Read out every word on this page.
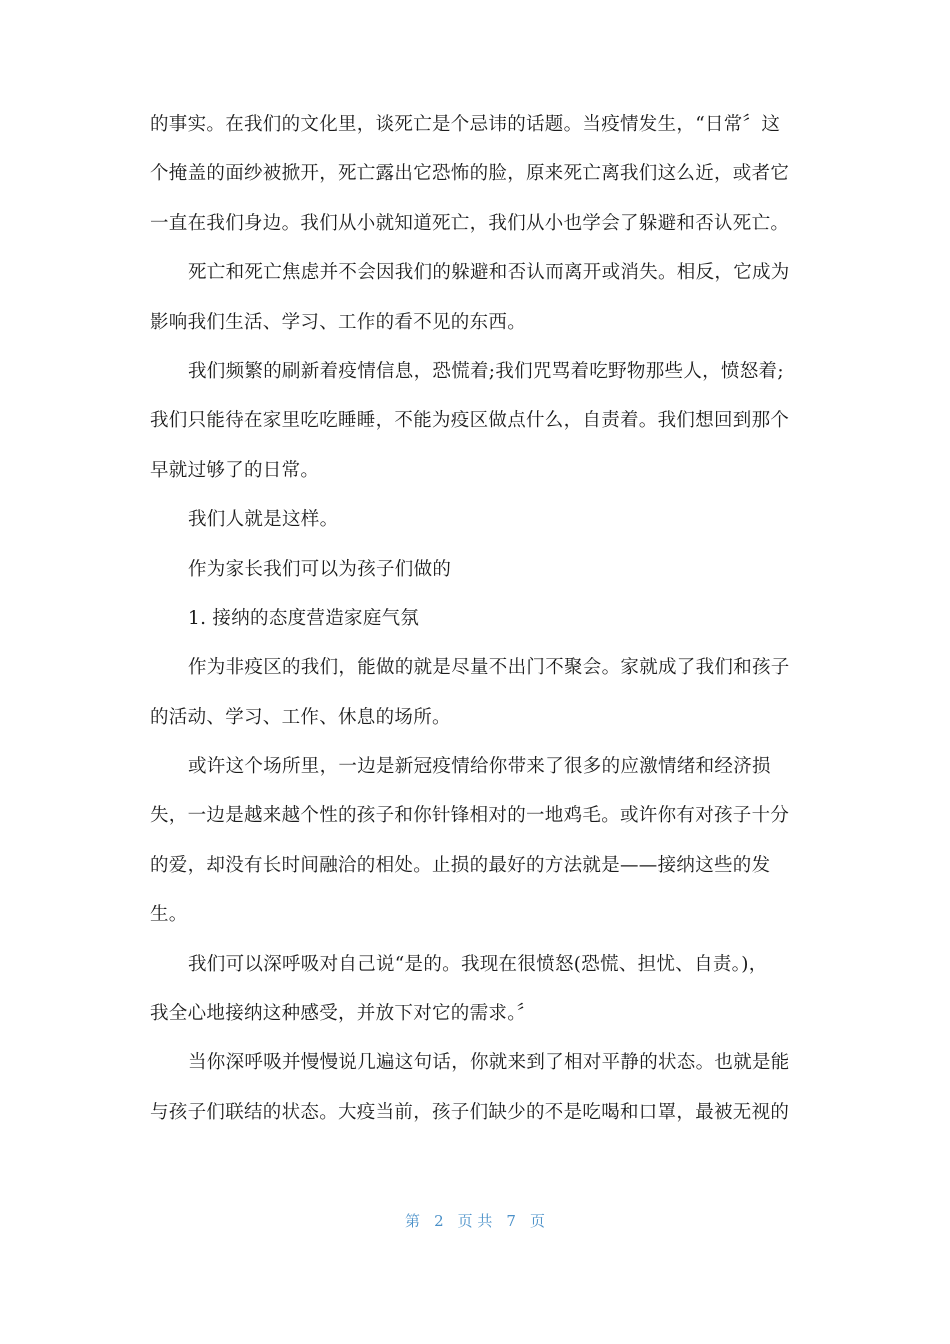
的事实。在我们的文化里，谈死亡是个忌讳的话题。当疫情发生，“日常〞这
个掩盖的面纱被掀开，死亡露出它恐怖的脸，原来死亡离我们这么近，或者它
一直在我们身边。我们从小就知道死亡，我们从小也学会了躲避和否认死亡。
死亡和死亡焦虑并不会因我们的躲避和否认而离开或消失。相反，它成为
影响我们生活、学习、工作的看不见的东西。
我们频繁的刷新着疫情信息，恐慌着;我们咒骂着吃野物那些人，愤怒着;
我们只能待在家里吃吃睡睡，不能为疫区做点什么，自责着。我们想回到那个
早就过够了的日常。
我们人就是这样。
作为家长我们可以为孩子们做的
1. 接纳的态度营造家庭气氛
作为非疫区的我们，能做的就是尽量不出门不聚会。家就成了我们和孩子
的活动、学习、工作、休息的场所。
或许这个场所里，一边是新冠疫情给你带来了很多的应激情绪和经济损
失，一边是越来越个性的孩子和你针锋相对的一地鸡毛。或许你有对孩子十分
的爱，却没有长时间融洽的相处。止损的最好的方法就是——接纳这些的发
生。
我们可以深呼吸对自己说“是的。我现在很愤怒(恐慌、担忧、自责。)，
我全心地接纳这种感受，并放下对它的需求。〞
当你深呼吸并慢慢说几遍这句话，你就来到了相对平静的状态。也就是能
与孩子们联结的状态。大疫当前，孩子们缺少的不是吃喝和口罩，最被无视的
第 2 页 共 7 页
